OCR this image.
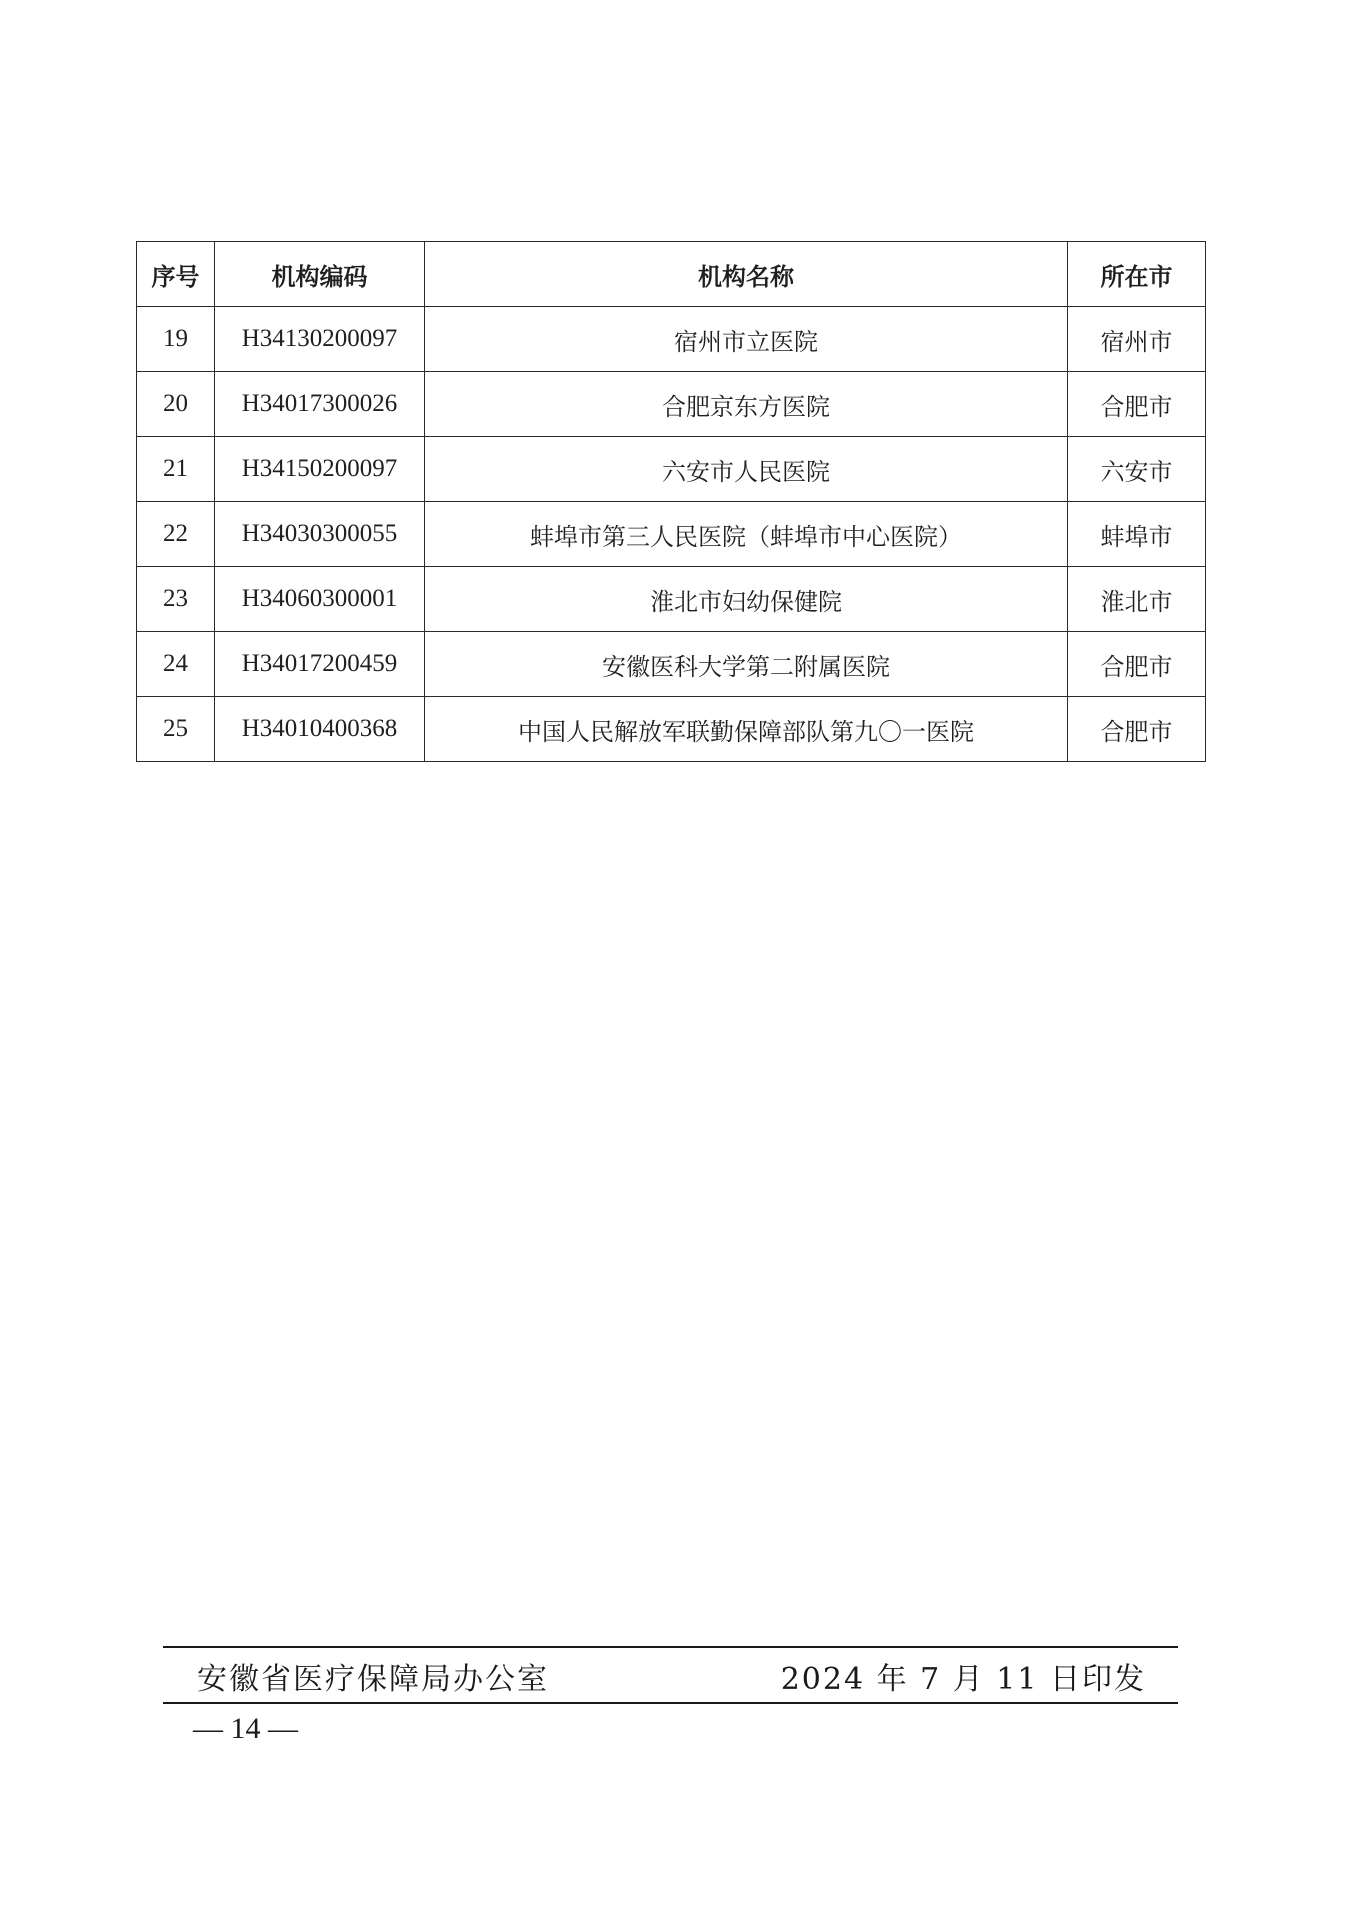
序号	机构编码	机构名称	所在市
19	H34130200097	宿州市立医院	宿州市
20	H34017300026	合肥京东方医院	合肥市
21	H34150200097	六安市人民医院	六安市
22	H34030300055	蚌埠市第三人民医院（蚌埠市中心医院）	蚌埠市
23	H34060300001	淮北市妇幼保健院	淮北市
24	H34017200459	安徽医科大学第二附属医院	合肥市
25	H34010400368	中国人民解放军联勤保障部队第九〇一医院	合肥市
安徽省医疗保障局办公室	2024 年 7 月 11 日印发
— 14 —
